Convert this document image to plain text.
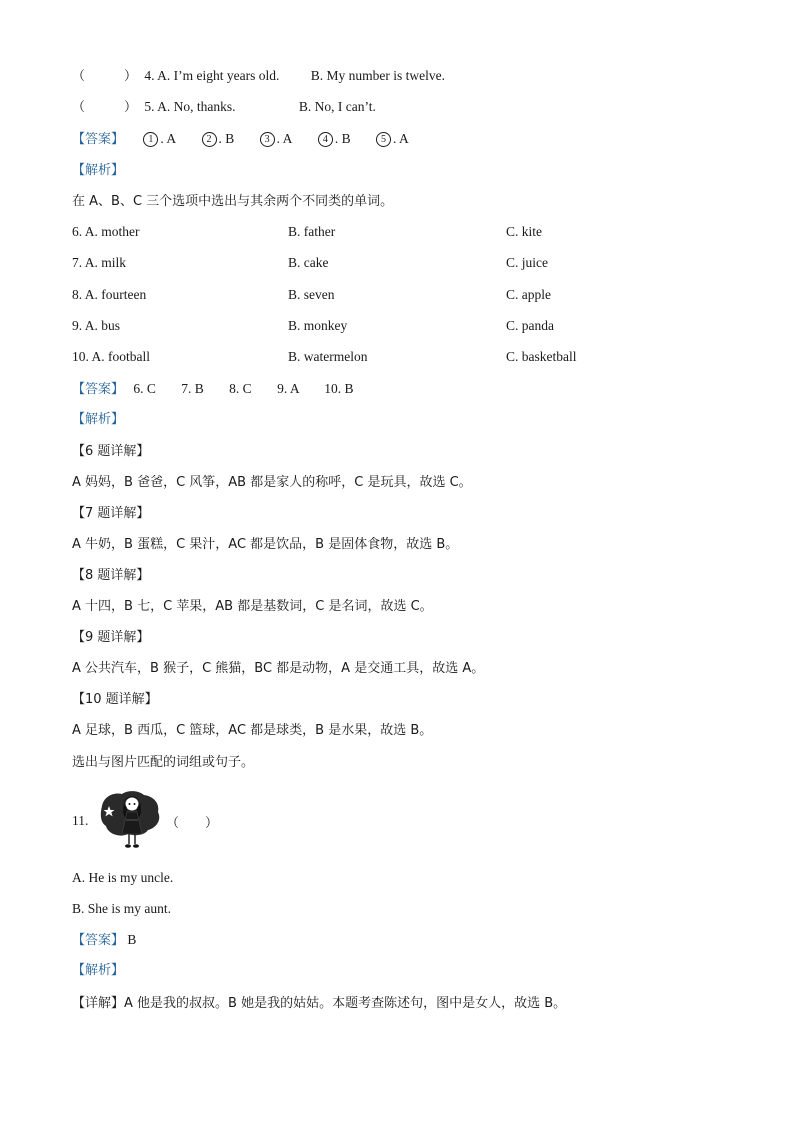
（　　　） 4. A. I’m eight years old. B. My number is twelve.
（　　　） 5. A. No, thanks.	B. No, I can’t.
【答案】 1 . A	2 . B	3 . A	4 . B	5 . A
【解析】
在 A、B、C 三个选项中选出与其余两个不同类的单词。
6. A. mother	B. father	C. kite
7. A. milk	B. cake	C. juice
8. A. fourteen	B. seven	C. apple
9. A. bus	B. monkey	C. panda
10. A. football	B. watermelon	C. basketball
【答案】 6. C 7. B 8. C 9. A 10. B
【解析】
【6 题详解】
A 妈妈，B 爸爸，C 风筝，AB 都是家人的称呼，C 是玩具，故选 C。
【7 题详解】
A 牛奶，B 蛋糕，C 果汁，AC 都是饮品，B 是固体食物，故选 B。
【8 题详解】
A 十四，B 七，C 苹果，AB 都是基数词，C 是名词，故选 C。
【9 题详解】
A 公共汽车，B 猴子，C 熊猫，BC 都是动物，A 是交通工具，故选 A。
【10 题详解】
A 足球，B 西瓜，C 篮球，AC 都是球类，B 是水果，故选 B。
选出与图片匹配的词组或句子。
11.	（　　）
A. He is my uncle.
B. She is my aunt.
【答案】 B
【解析】
【详解】A 他是我的叔叔。B 她是我的姑姑。本题考查陈述句，图中是女人，故选 B。
